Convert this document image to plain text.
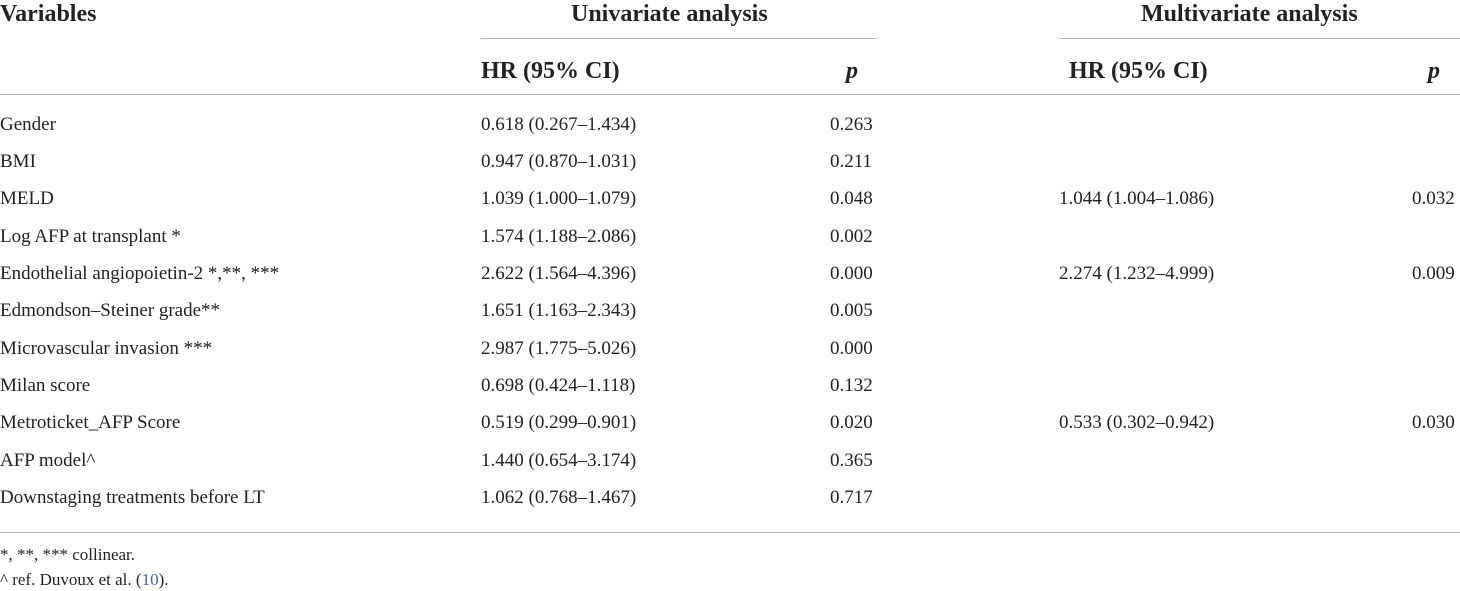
Variables	Univariate analysis	Multivariate analysis
HR (95% CI)	p	HR (95% CI)	p
Gender	0.618 (0.267–1.434)	0.263
BMI	0.947 (0.870–1.031)	0.211
MELD	1.039 (1.000–1.079)	0.048	1.044 (1.004–1.086)	0.032
Log AFP at transplant *	1.574 (1.188–2.086)	0.002
Endothelial angiopoietin-2 *,**, ***	2.622 (1.564–4.396)	0.000	2.274 (1.232–4.999)	0.009
Edmondson–Steiner grade**	1.651 (1.163–2.343)	0.005
Microvascular invasion ***	2.987 (1.775–5.026)	0.000
Milan score	0.698 (0.424–1.118)	0.132
Metroticket_AFP Score	0.519 (0.299–0.901)	0.020	0.533 (0.302–0.942)	0.030
AFP model^	1.440 (0.654–3.174)	0.365
Downstaging treatments before LT	1.062 (0.768–1.467)	0.717
*, **, *** collinear.
^ ref. Duvoux et al. (10).
